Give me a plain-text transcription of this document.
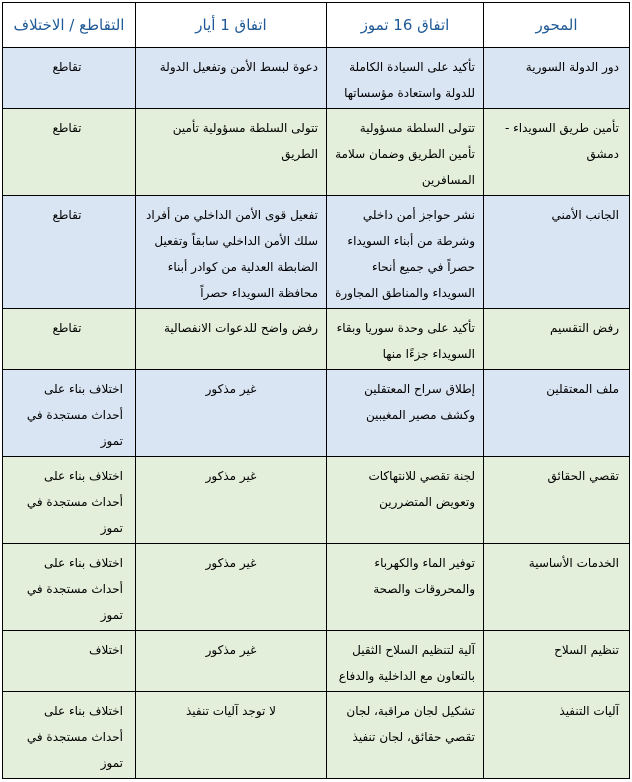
المحور	اتفاق 16 تموز	اتفاق 1 أيار	التقاطع / الاختلاف
دور الدولة السورية	تأكيد على السيادة الكاملة للدولة واستعادة مؤسساتها	دعوة لبسط الأمن وتفعيل الدولة	تقاطع
تأمين طريق السويداء - دمشق	تتولى السلطة مسؤولية تأمين الطريق وضمان سلامة المسافرين	تتولى السلطة مسؤولية تأمين الطريق	تقاطع
الجانب الأمني	نشر حواجز أمن داخلي وشرطة من أبناء السويداء حصراً في جميع أنحاء السويداء والمناطق المجاورة	تفعيل قوى الأمن الداخلي من أفراد سلك الأمن الداخلي سابقاً وتفعيل الضابطة العدلية من كوادر أبناء محافظة السويداء حصراً	تقاطع
رفض التقسيم	تأكيد على وحدة سوريا وبقاء السويداء جزءًا منها	رفض واضح للدعوات الانفصالية	تقاطع
ملف المعتقلين	إطلاق سراح المعتقلين وكشف مصير المغيبين	غير مذكور	اختلاف بناء على أحداث مستجدة في تموز
تقصي الحقائق	لجنة تقصي للانتهاكات وتعويض المتضررين	غير مذكور	اختلاف بناء على أحداث مستجدة في تموز
الخدمات الأساسية	توفير الماء والكهرباء والمحروقات والصحة	غير مذكور	اختلاف بناء على أحداث مستجدة في تموز
تنظيم السلاح	آلية لتنظيم السلاح الثقيل بالتعاون مع الداخلية والدفاع	غير مذكور	اختلاف
آليات التنفيذ	تشكيل لجان مراقبة، لجان تقصي حقائق، لجان تنفيذ	لا توجد آليات تنفيذ	اختلاف بناء على أحداث مستجدة في تموز
